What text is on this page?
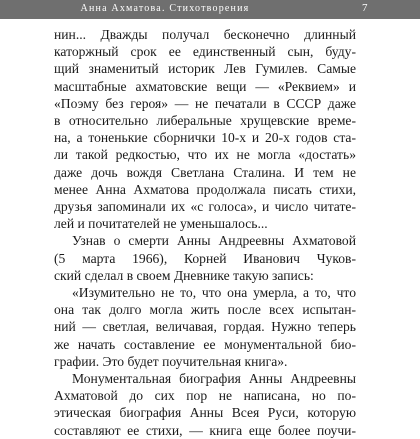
Анна Ахматова. Стихотворения	7
нин... Дважды получал бесконечно длинный
каторжный срок ее единственный сын, буду-
щий знаменитый историк Лев Гумилев. Самые
масштабные ахматовские вещи — «Реквием» и
«Поэму без героя» — не печатали в СССР даже
в относительно либеральные хрущевские време-
на, а тоненькие сборнички 10-х и 20-х годов ста-
ли такой редкостью, что их не могла «достать»
даже дочь вождя Светлана Сталина. И тем не
менее Анна Ахматова продолжала писать стихи,
друзья запоминали их «с голоса», и число читате-
лей и почитателей не уменьшалось...
Узнав о смерти Анны Андреевны Ахматовой
(5 марта 1966), Корней Иванович Чуков-
ский сделал в своем Дневнике такую запись:
«Изумительно не то, что она умерла, а то, что
она так долго могла жить после всех испытан-
ний — светлая, величавая, гордая. Нужно теперь
же начать составление ее монументальной био-
графии. Это будет поучительная книга».
Монументальная биография Анны Андреевны
Ахматовой до сих пор не написана, но по-
этическая биография Анны Всея Руси, которую
составляют ее стихи, — книга еще более поучи-
